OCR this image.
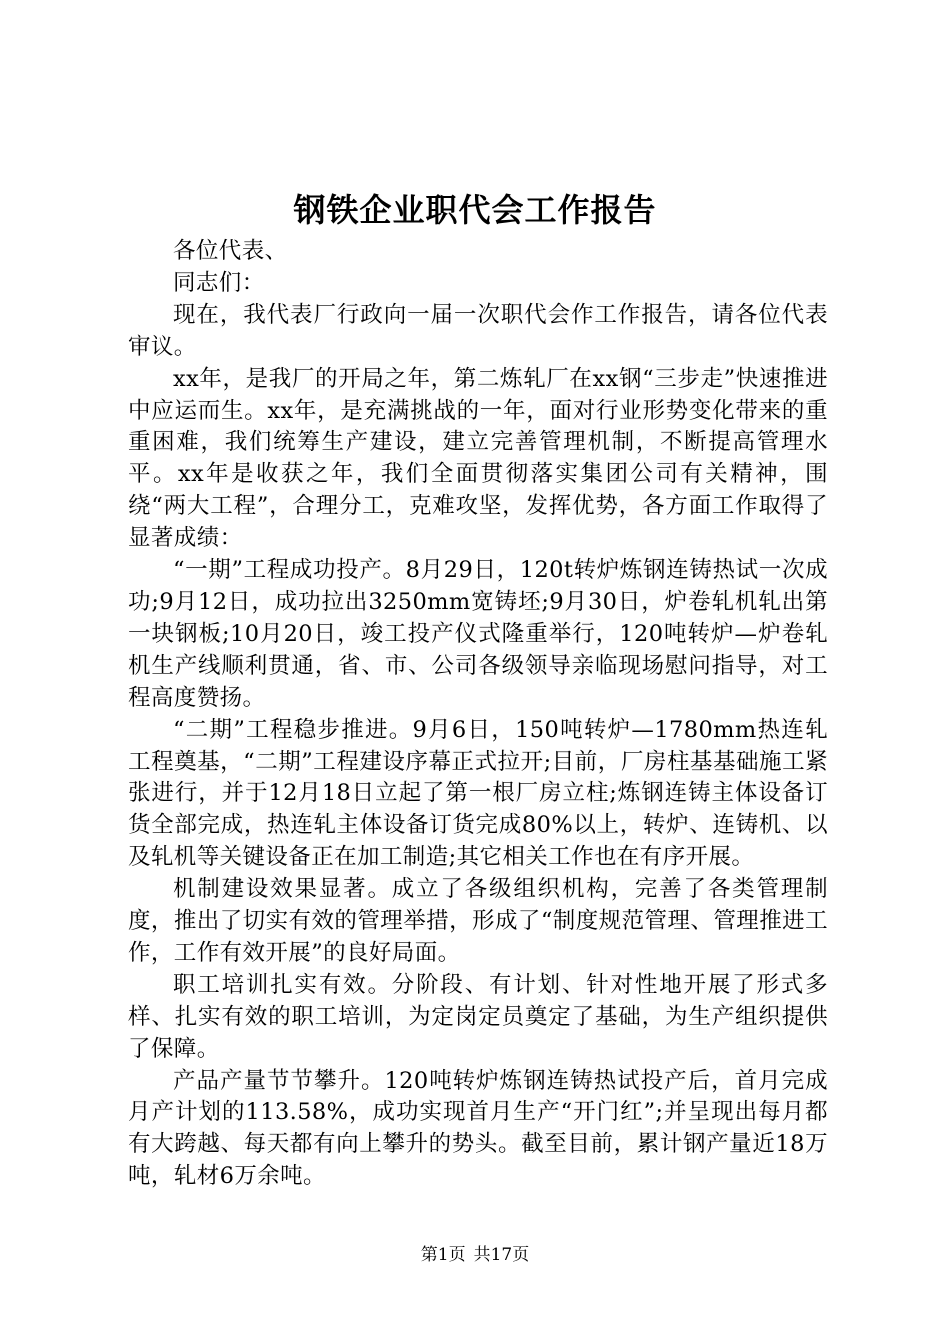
钢铁企业职代会工作报告

各位代表、

同志们：

现在，我代表厂行政向一届一次职代会作工作报告，请各位代表审议。

xx年，是我厂的开局之年，第二炼轧厂在xx钢“三步走”快速推进中应运而生。xx年，是充满挑战的一年，面对行业形势变化带来的重重困难，我们统筹生产建设，建立完善管理机制，不断提高管理水平。xx年是收获之年，我们全面贯彻落实集团公司有关精神，围绕“两大工程”，合理分工，克难攻坚，发挥优势，各方面工作取得了显著成绩：

“一期”工程成功投产。8月29日，120t转炉炼钢连铸热试一次成功;9月12日，成功拉出3250mm宽铸坯;9月30日，炉卷轧机轧出第一块钢板;10月20日，竣工投产仪式隆重举行，120吨转炉—炉卷轧机生产线顺利贯通，省、市、公司各级领导亲临现场慰问指导，对工程高度赞扬。

“二期”工程稳步推进。9月6日，150吨转炉—1780mm热连轧工程奠基，“二期”工程建设序幕正式拉开;目前，厂房柱基基础施工紧张进行，并于12月18日立起了第一根厂房立柱;炼钢连铸主体设备订货全部完成，热连轧主体设备订货完成80%以上，转炉、连铸机、以及轧机等关键设备正在加工制造;其它相关工作也在有序开展。

机制建设效果显著。成立了各级组织机构，完善了各类管理制度，推出了切实有效的管理举措，形成了“制度规范管理、管理推进工作，工作有效开展”的良好局面。

职工培训扎实有效。分阶段、有计划、针对性地开展了形式多样、扎实有效的职工培训，为定岗定员奠定了基础，为生产组织提供了保障。

产品产量节节攀升。120吨转炉炼钢连铸热试投产后，首月完成月产计划的113.58%，成功实现首月生产“开门红”;并呈现出每月都有大跨越、每天都有向上攀升的势头。截至目前，累计钢产量近18万吨，轧材6万余吨。

第1页 共17页
